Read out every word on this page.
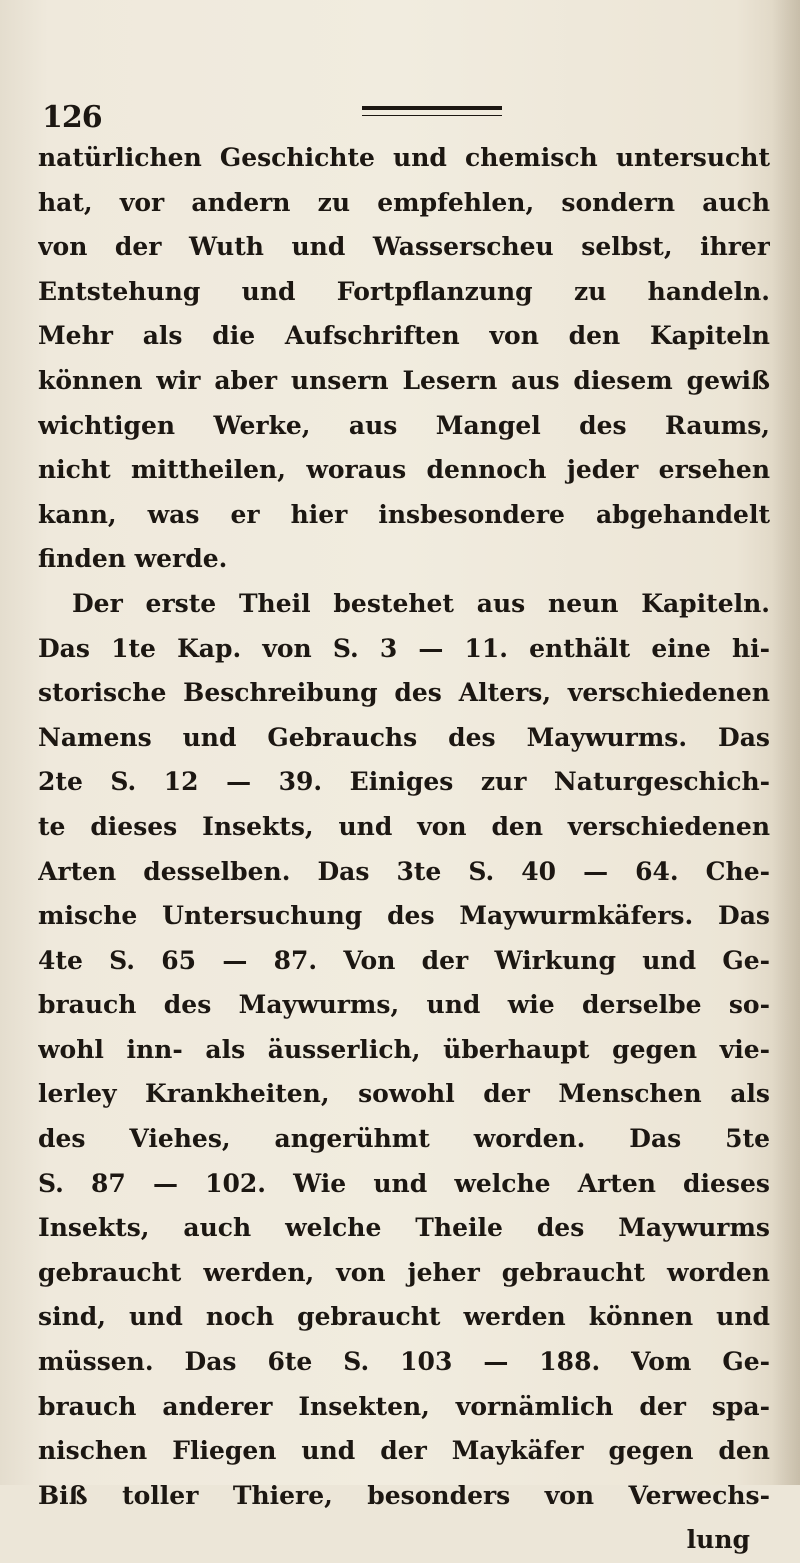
126
natürlichen Geschichte und chemisch untersucht
hat, vor andern zu empfehlen, sondern auch
von der Wuth und Wasserscheu selbst, ihrer
Entstehung und Fortpflanzung zu handeln.
Mehr als die Aufschriften von den Kapiteln
können wir aber unsern Lesern aus diesem gewiß
wichtigen Werke, aus Mangel des Raums,
nicht mittheilen, woraus dennoch jeder ersehen
kann, was er hier insbesondere abgehandelt
finden werde.
Der erste Theil bestehet aus neun Kapiteln.
Das 1te Kap. von S. 3 — 11. enthält eine hi-
storische Beschreibung des Alters, verschiedenen
Namens und Gebrauchs des Maywurms. Das
2te S. 12 — 39. Einiges zur Naturgeschich-
te dieses Insekts, und von den verschiedenen
Arten desselben. Das 3te S. 40 — 64. Che-
mische Untersuchung des Maywurmkäfers. Das
4te S. 65 — 87. Von der Wirkung und Ge-
brauch des Maywurms, und wie derselbe so-
wohl inn- als äusserlich, überhaupt gegen vie-
lerley Krankheiten, sowohl der Menschen als
des Viehes, angerühmt worden. Das 5te
S. 87 — 102. Wie und welche Arten dieses
Insekts, auch welche Theile des Maywurms
gebraucht werden, von jeher gebraucht worden
sind, und noch gebraucht werden können und
müssen. Das 6te S. 103 — 188. Vom Ge-
brauch anderer Insekten, vornämlich der spa-
nischen Fliegen und der Maykäfer gegen den
Biß toller Thiere, besonders von Verwechs-
lung
